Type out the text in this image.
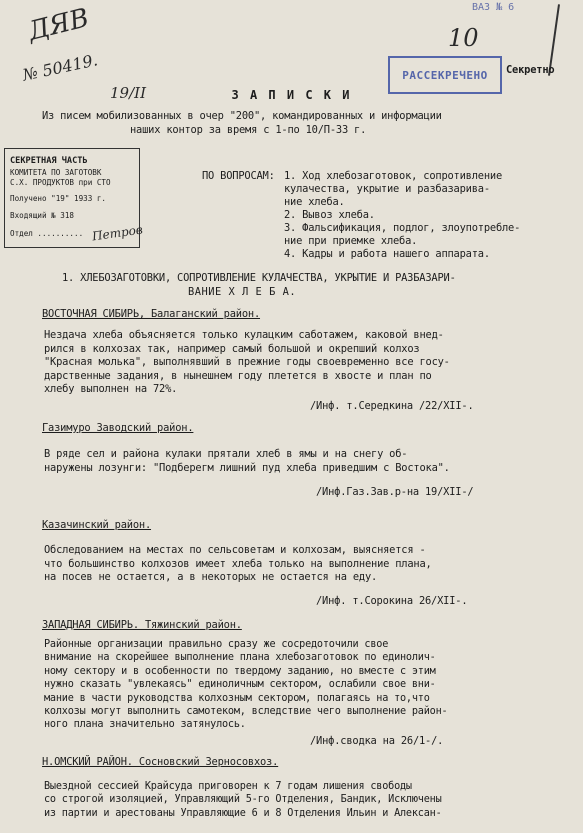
ДЯВ
№ 50419.
19/II
10
ВАЗ № 6
РАССЕКРЕЧЕНО	Секретно
З А П И С К И
Из писем мобилизованных в очер "200", командированных и информации
наших контор за время с 1-по 10/П-33 г.
СЕКРЕТНАЯ ЧАСТЬ
КОМИТЕТА ПО ЗАГОТОВК
С.Х. ПРОДУКТОВ при СТО
Получено "19" 1933 г.
Входящий № 318
Отдел .......... Петров
ПО ВОПРОСАМ: 1. Ход хлебозаготовок, сопротивление
кулачества, укрытие и разбазарива-
ние хлеба.
2. Вывоз хлеба.
3. Фальсификация, подлог, злоупотребле-
ние при приемке хлеба.
4. Кадры и работа нашего аппарата.
1. ХЛЕБОЗАГОТОВКИ, СОПРОТИВЛЕНИЕ КУЛАЧЕСТВА, УКРЫТИЕ И РАЗБАЗАРИ-
ВАНИЕ Х Л Е Б А.
ВОСТОЧНАЯ СИБИРЬ, Балаганский район.
Нездача хлеба объясняется только кулацким саботажем, каковой внед-
рился в колхозах так, например самый большой и окрепший колхоз
"Красная молька", выполнявший в прежние годы своевременно все госу-
дарственные задания, в нынешнем году плетется в хвосте и план по
хлебу выполнен на 72%.
/Инф. т.Середкина /22/XII-.
Газимуро Заводский район.
В ряде сел и района кулаки прятали хлеб в ямы и на снегу об-
наружены лозунги: "Подберегм лишний пуд хлеба приведшим с Востока".
/Инф.Газ.Зав.р-на 19/XII-/
Казачинский район.
Обследованием на местах по сельсоветам и колхозам, выясняется -
что большинство колхозов имеет хлеба только на выполнение плана,
на посев не остается, а в некоторых не остается на еду.
/Инф. т.Сорокина 26/XII-.
ЗАПАДНАЯ СИБИРЬ. Тяжинский район.
Районные организации правильно сразу же сосредоточили свое
внимание на скорейшее выполнение плана хлебозаготовок по единолич-
ному сектору и в особенности по твердому заданию, но вместе с этим
нужно сказать "увлекаясь" единоличным сектором, ослабили свое вни-
мание в части руководства колхозным сектором, полагаясь на то,что
колхозы могут выполнить самотеком, вследствие чего выполнение район-
ного плана значительно затянулось.
/Инф.сводка на 26/1-/.
Н.ОМСКИЙ РАЙОН. Сосновский Зерносовхоз.
Выездной сессией Крайсуда приговорен к 7 годам лишения свободы
со строгой изоляцией, Управляющий 5-го Отделения, Бандик, Исключены
из партии и арестованы Управляющие 6 и 8 Отделения Ильин и Алексан-
